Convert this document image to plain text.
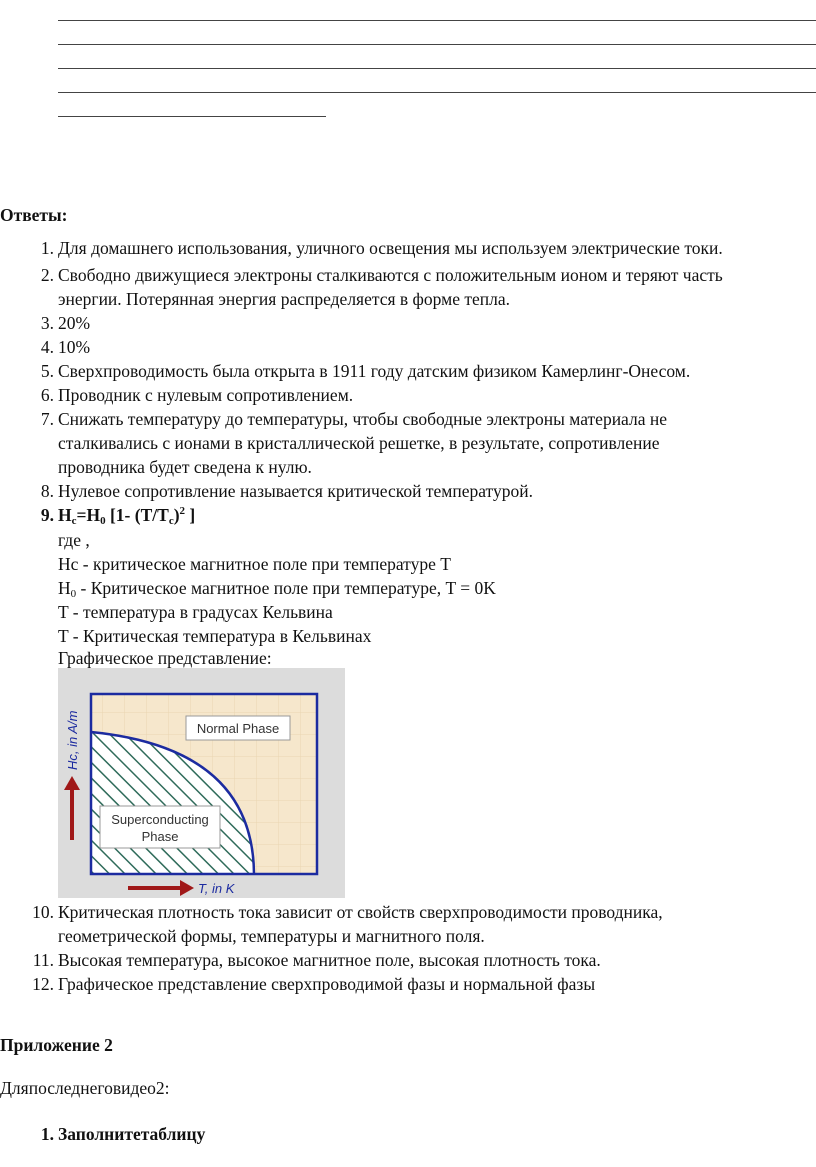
Ответы:
1. Для домашнего использования, уличного освещения мы используем электрические токи.
2. Свободно движущиеся электроны сталкиваются с положительным ионом и теряют часть
энергии. Потерянная энергия распределяется в форме тепла.
3. 20%
4. 10%
5. Сверхпроводимость была открыта в 1911 году датским физиком Камерлинг-Онесом.
6. Проводник с нулевым сопротивлением.
7. Снижать температуру до температуры, чтобы свободные электроны материала не
сталкивались с ионами в кристаллической решетке, в результате, сопротивление
проводника будет сведена к нулю.
8. Нулевое сопротивление называется критической температурой.
9. $H_c=H_0$ [1- $(T/T_c)^2$ ]
где ,
Hc - критическое магнитное поле при температуре T
$H_0$ - Критическое магнитное поле при температуре, T = 0K
T - температура в градусах Кельвина
T - Критическая температура в Кельвинах
Графическое представление:
Normal Phase
Superconducting
Phase
Hc, in A/m
T, in K
10. Критическая плотность тока зависит от свойств сверхпроводимости проводника,
геометрической формы, температуры и магнитного поля.
11. Высокая температура, высокое магнитное поле, высокая плотность тока.
12. Графическое представление сверхпроводимой фазы и нормальной фазы
Приложение 2
Дляпоследнеговидео2:
1. Заполнитетаблицу
